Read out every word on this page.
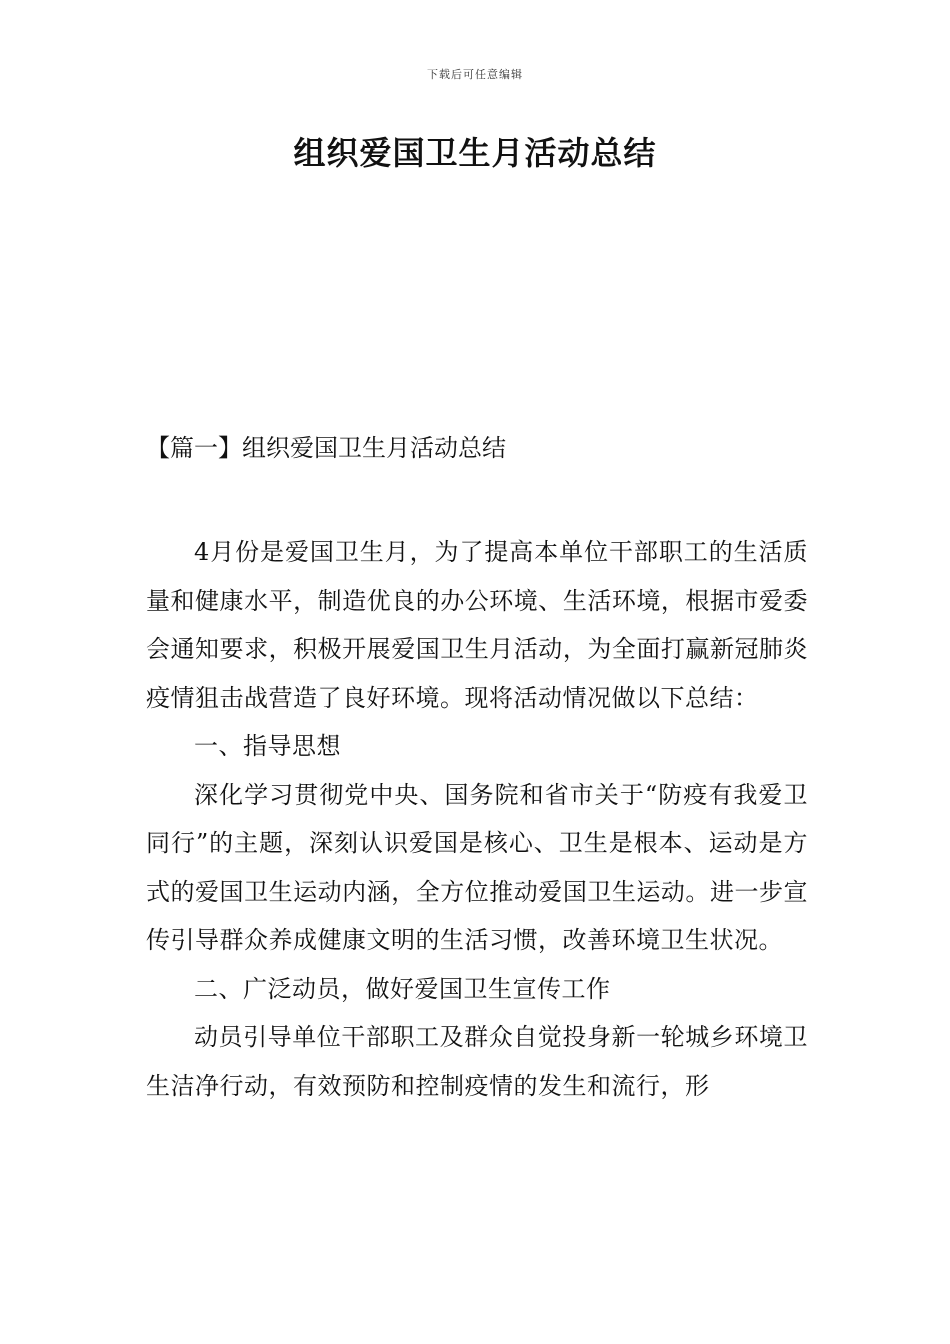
下载后可任意编辑
组织爱国卫生月活动总结
【篇一】组织爱国卫生月活动总结

4月份是爱国卫生月，为了提高本单位干部职工的生活质量和健康水平，制造优良的办公环境、生活环境，根据市爱委会通知要求，积极开展爱国卫生月活动，为全面打赢新冠肺炎疫情狙击战营造了良好环境。现将活动情况做以下总结：

一、指导思想

深化学习贯彻党中央、国务院和省市关于“防疫有我爱卫同行”的主题，深刻认识爱国是核心、卫生是根本、运动是方式的爱国卫生运动内涵，全方位推动爱国卫生运动。进一步宣传引导群众养成健康文明的生活习惯，改善环境卫生状况。

二、广泛动员，做好爱国卫生宣传工作

动员引导单位干部职工及群众自觉投身新一轮城乡环境卫生洁净行动，有效预防和控制疫情的发生和流行，形
